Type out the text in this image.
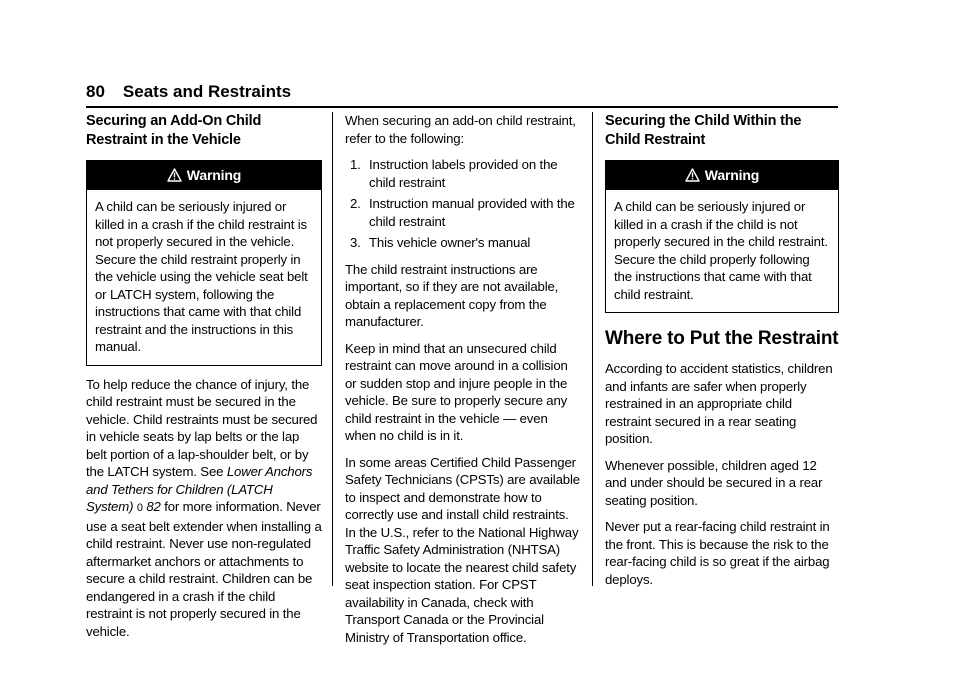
80 Seats and Restraints
Securing an Add-On Child Restraint in the Vehicle
Warning
A child can be seriously injured or killed in a crash if the child restraint is not properly secured in the vehicle. Secure the child restraint properly in the vehicle using the vehicle seat belt or LATCH system, following the instructions that came with that child restraint and the instructions in this manual.

To help reduce the chance of injury, the child restraint must be secured in the vehicle. Child restraints must be secured in vehicle seats by lap belts or the lap belt portion of a lap-shoulder belt, or by the LATCH system. See Lower Anchors and Tethers for Children (LATCH System) 0 82 for more information. Never use a seat belt extender when installing a child restraint. Never use non-regulated aftermarket anchors or attachments to secure a child restraint. Children can be endangered in a crash if the child restraint is not properly secured in the vehicle.

When securing an add-on child restraint, refer to the following:

1. Instruction labels provided on the child restraint
2. Instruction manual provided with the child restraint
3. This vehicle owner's manual

The child restraint instructions are important, so if they are not available, obtain a replacement copy from the manufacturer.

Keep in mind that an unsecured child restraint can move around in a collision or sudden stop and injure people in the vehicle. Be sure to properly secure any child restraint in the vehicle — even when no child is in it.

In some areas Certified Child Passenger Safety Technicians (CPSTs) are available to inspect and demonstrate how to correctly use and install child restraints. In the U.S., refer to the National Highway Traffic Safety Administration (NHTSA) website to locate the nearest child safety seat inspection station. For CPST availability in Canada, check with Transport Canada or the Provincial Ministry of Transportation office.

Securing the Child Within the Child Restraint
Warning
A child can be seriously injured or killed in a crash if the child is not properly secured in the child restraint. Secure the child properly following the instructions that came with that child restraint.
Where to Put the Restraint

According to accident statistics, children and infants are safer when properly restrained in an appropriate child restraint secured in a rear seating position.

Whenever possible, children aged 12 and under should be secured in a rear seating position.

Never put a rear-facing child restraint in the front. This is because the risk to the rear-facing child is so great if the airbag deploys.
